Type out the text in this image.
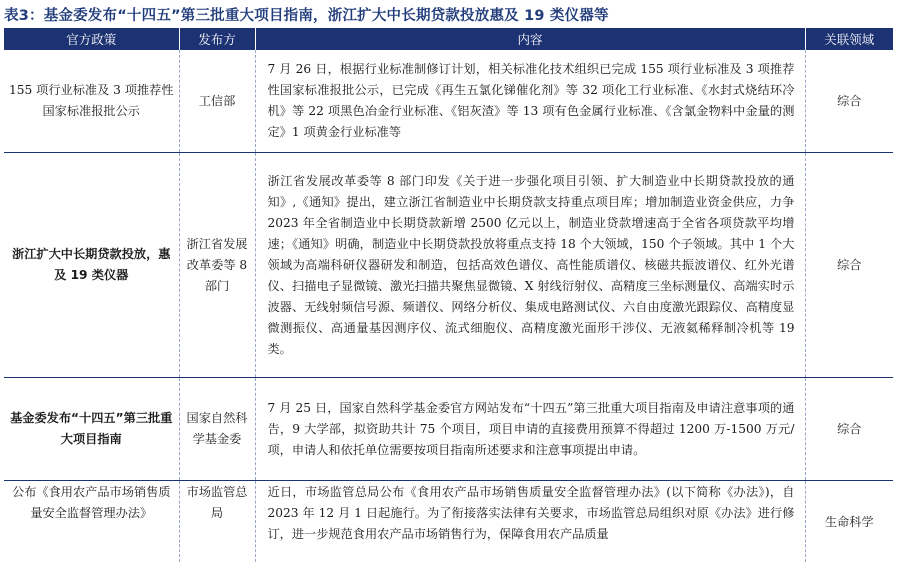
表3：基金委发布“十四五”第三批重大项目指南，浙江扩大中长期贷款投放惠及 19 类仪器等
官方政策	发布方	内容	关联领域
155 项行业标准及 3 项推荐性国家标准报批公示	工信部	7 月 26 日，根据行业标准制修订计划，相关标准化技术组织已完成 155 项行业标准及 3 项推荐性国家标准报批公示，已完成《再生五氯化锑催化剂》等 32 项化工行业标准、《水封式烧结环冷机》等 22 项黑色冶金行业标准、《铝灰渣》等 13 项有色金属行业标准、《含氯金物料中金量的测定》1 项黄金行业标准等	综合
浙江扩大中长期贷款投放，惠及 19 类仪器	浙江省发展改革委等 8 部门	浙江省发展改革委等 8 部门印发《关于进一步强化项目引领、扩大制造业中长期贷款投放的通知》,《通知》提出，建立浙江省制造业中长期贷款支持重点项目库；增加制造业资金供应，力争 2023 年全省制造业中长期贷款新增 2500 亿元以上，制造业贷款增速高于全省各项贷款平均增速；《通知》明确，制造业中长期贷款投放将重点支持 18 个大领域，150 个子领域。其中 1 个大领域为高端科研仪器研发和制造，包括高效色谱仪、高性能质谱仪、核磁共振波谱仪、红外光谱仪、扫描电子显微镜、激光扫描共聚焦显微镜、X 射线衍射仪、高精度三坐标测量仪、高端实时示波器、无线射频信号源、频谱仪、网络分析仪、集成电路测试仪、六自由度激光跟踪仪、高精度显微测振仪、高通量基因测序仪、流式细胞仪、高精度激光面形干涉仪、无液氦稀释制冷机等 19 类。	综合
基金委发布“十四五”第三批重大项目指南	国家自然科学基金委	7 月 25 日，国家自然科学基金委官方网站发布“十四五”第三批重大项目指南及申请注意事项的通告，9 大学部，拟资助共计 75 个项目，项目申请的直接费用预算不得超过 1200 万-1500 万元/项，申请人和依托单位需要按项目指南所述要求和注意事项提出申请。	综合
公布《食用农产品市场销售质量安全监督管理办法》	市场监管总局	近日，市场监管总局公布《食用农产品市场销售质量安全监督管理办法》(以下简称《办法》)，自 2023 年 12 月 1 日起施行。为了衔接落实法律有关要求，市场监管总局组织对原《办法》进行修订，进一步规范食用农产品市场销售行为，保障食用农产品质量	生命科学
